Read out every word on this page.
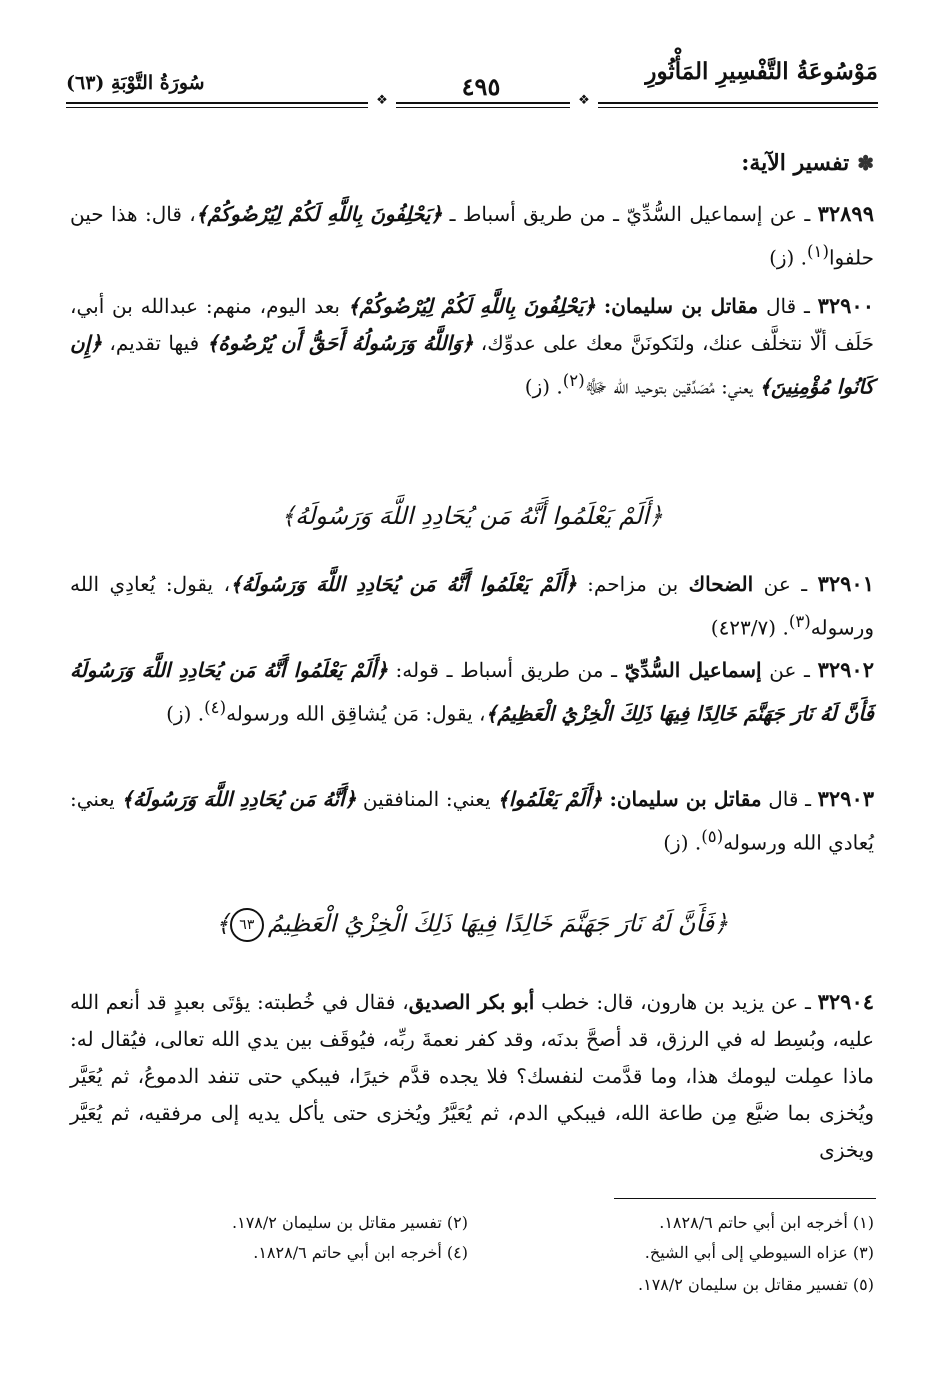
مَوْسُوعَةُ التَّفْسِيرِ المَأْثُورِ
٤٩٥
سُورَةُ التَّوْبَةِ (٦٣)
❖
❖
✽تفسير الآية:
٣٢٨٩٩ ـ عن إسماعيل السُّدِّيّ ـ من طريق أسباط ـ ﴿يَحْلِفُونَ بِاللَّهِ لَكُمْ لِيُرْضُوكُمْ﴾، قال: هذا حين حلفوا$^{(١)}$. (ز)
٣٢٩٠٠ ـ قال مقاتل بن سليمان: ﴿يَحْلِفُونَ بِاللَّهِ لَكُمْ لِيُرْضُوكُمْ﴾ بعد اليوم، منهم: عبدالله بن أبي، حَلَف ألّا نتخلَّف عنك، ولنَكونَنَّ معك على عدوِّك، ﴿وَاللَّهُ وَرَسُولُهُ أَحَقُّ أَن يُرْضُوهُ﴾ فيها تقديم، ﴿إِن كَانُوا مُؤْمِنِينَ﴾ يعني: مُصَدِّقين بتوحيد الله ﷻ$^{(٢)}$. (ز)
﴿أَلَمْ يَعْلَمُوا أَنَّهُ مَن يُحَادِدِ اللَّهَ وَرَسُولَهُ﴾
٣٢٩٠١ ـ عن الضحاك بن مزاحم: ﴿أَلَمْ يَعْلَمُوا أَنَّهُ مَن يُحَادِدِ اللَّهَ وَرَسُولَهُ﴾، يقول: يُعادِي الله ورسوله$^{(٣)}$. (٤٢٣/٧)
٣٢٩٠٢ ـ عن إسماعيل السُّدِّيّ ـ من طريق أسباط ـ قوله: ﴿أَلَمْ يَعْلَمُوا أَنَّهُ مَن يُحَادِدِ اللَّهَ وَرَسُولَهُ فَأَنَّ لَهُ نَارَ جَهَنَّمَ خَالِدًا فِيهَا ذَلِكَ الْخِزْيُ الْعَظِيمُ﴾، يقول: مَن يُشاقِق الله ورسوله$^{(٤)}$. (ز)
٣٢٩٠٣ ـ قال مقاتل بن سليمان: ﴿أَلَمْ يَعْلَمُوا﴾ يعني: المنافقين ﴿أَنَّهُ مَن يُحَادِدِ اللَّهَ وَرَسُولَهُ﴾ يعني: يُعادي الله ورسوله$^{(٥)}$. (ز)
﴿فَأَنَّ لَهُ نَارَ جَهَنَّمَ خَالِدًا فِيهَا ذَلِكَ الْخِزْيُ الْعَظِيمُ٦٣﴾
٣٢٩٠٤ ـ عن يزيد بن هارون، قال: خطب أبو بكر الصديق، فقال في خُطبته: يؤتَى بعبدٍ قد أنعم الله عليه، وبُسِط له في الرزق، قد أصحَّ بدنَه، وقد كفر نعمةَ ربِّه، فيُوقَف بين يدي الله تعالى، فيُقال له: ماذا عمِلت ليومك هذا، وما قدَّمت لنفسك؟ فلا يجده قدَّم خيرًا، فيبكي حتى تنفد الدموعُ، ثم يُعَيَّر ويُخزى بما ضيَّع مِن طاعة الله، فيبكي الدم، ثم يُعَيَّرُ ويُخزى حتى يأكل يديه إلى مرفقيه، ثم يُعَيَّر ويخزى
(١) أخرجه ابن أبي حاتم ١٨٢٨/٦.
(٢) تفسير مقاتل بن سليمان ١٧٨/٢.
(٣) عزاه السيوطي إلى أبي الشيخ.
(٤) أخرجه ابن أبي حاتم ١٨٢٨/٦.
(٥) تفسير مقاتل بن سليمان ١٧٨/٢.
